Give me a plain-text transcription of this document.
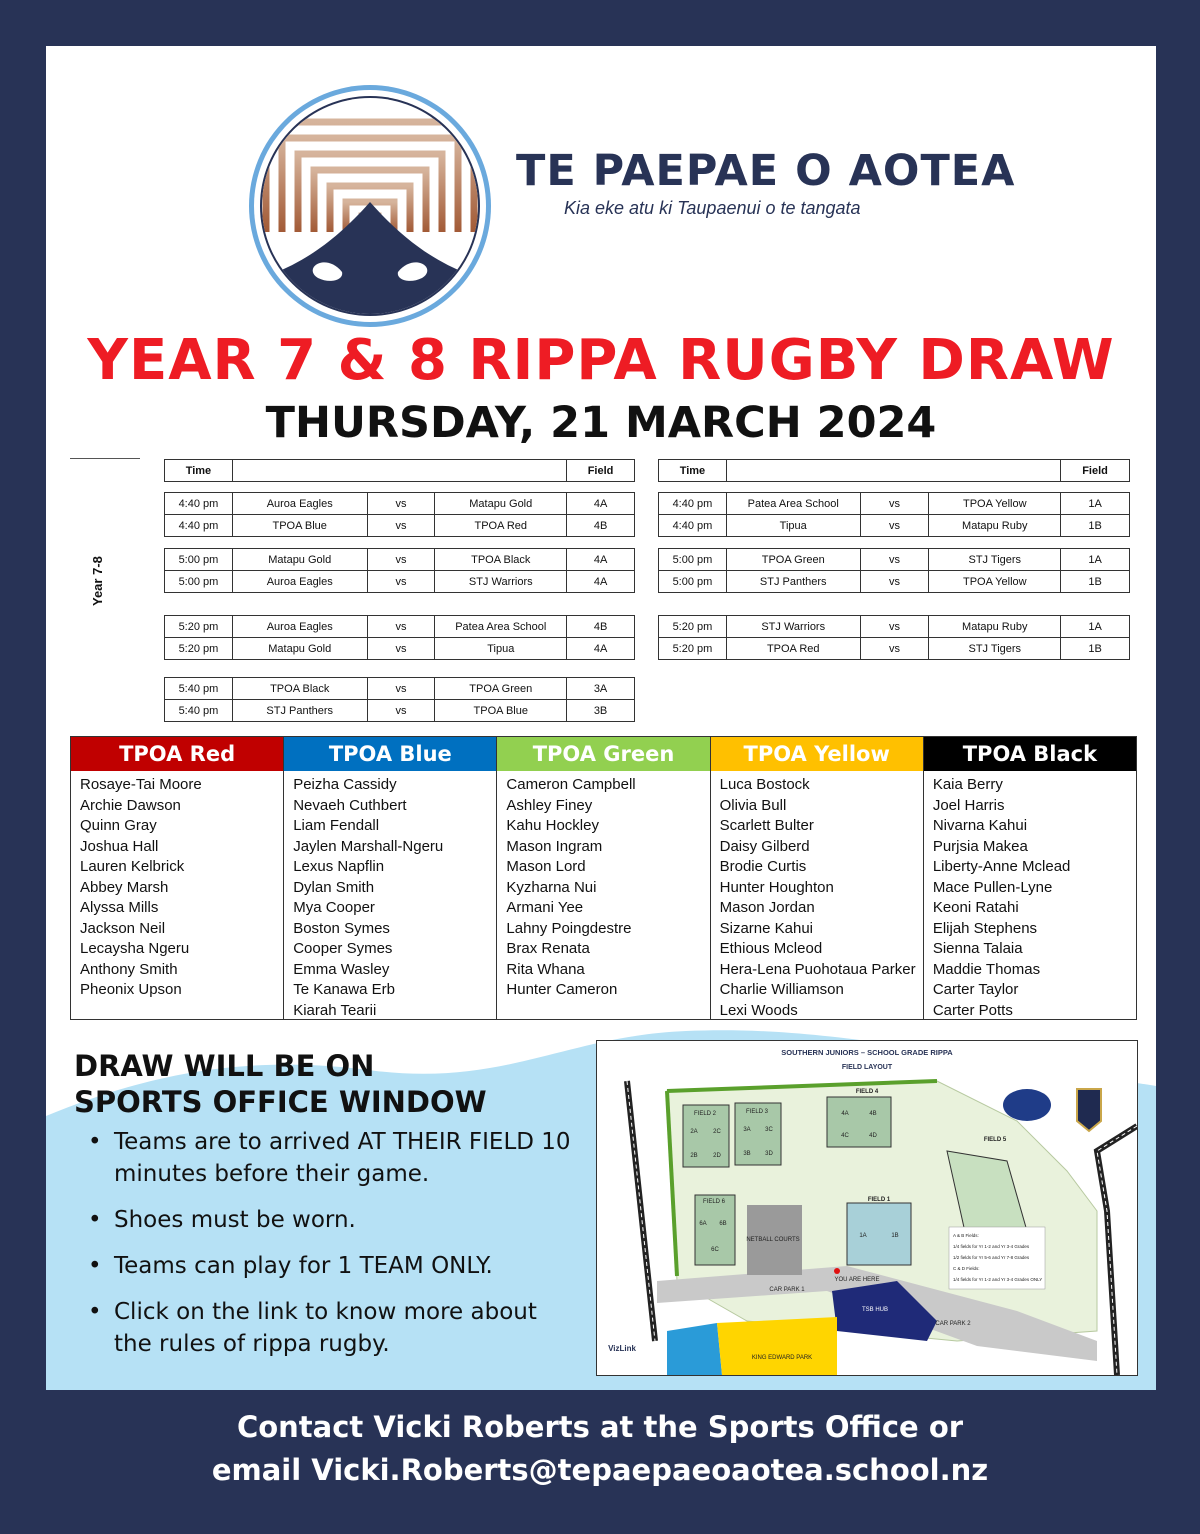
TE PAEPAE O AOTEA
Kia eke atu ki Taupaenui o te tangata
YEAR 7 & 8 RIPPA RUGBY DRAW
THURSDAY, 21 MARCH 2024
Year 7-8
Time		Field	Time		Field
4:40 pm	Auroa Eagles	vs	Matapu Gold	4A
4:40 pm	TPOA Blue	vs	TPOA Red	4B
5:00 pm	Matapu Gold	vs	TPOA Black	4A
5:00 pm	Auroa Eagles	vs	STJ Warriors	4A
5:20 pm	Auroa Eagles	vs	Patea Area School	4B
5:20 pm	Matapu Gold	vs	Tipua	4A
5:40 pm	TPOA Black	vs	TPOA Green	3A
5:40 pm	STJ Panthers	vs	TPOA Blue	3B
4:40 pm	Patea Area School	vs	TPOA Yellow	1A
4:40 pm	Tipua	vs	Matapu Ruby	1B
5:00 pm	TPOA Green	vs	STJ Tigers	1A
5:00 pm	STJ Panthers	vs	TPOA Yellow	1B
5:20 pm	STJ Warriors	vs	Matapu Ruby	1A
5:20 pm	TPOA Red	vs	STJ Tigers	1B
TPOA Red
Rosaye-Tai Moore
Archie Dawson
Quinn Gray
Joshua Hall
Lauren Kelbrick
Abbey Marsh
Alyssa Mills
Jackson Neil
Lecaysha Ngeru
Anthony Smith
Pheonix Upson
TPOA Blue
Peizha Cassidy
Nevaeh Cuthbert
Liam Fendall
Jaylen Marshall-Ngeru
Lexus Napflin
Dylan Smith
Mya Cooper
Boston Symes
Cooper Symes
Emma Wasley
Te Kanawa Erb
Kiarah Tearii
TPOA Green
Cameron Campbell
Ashley Finey
Kahu Hockley
Mason Ingram
Mason Lord
Kyzharna Nui
Armani Yee
Lahny Poingdestre
Brax Renata
Rita Whana
Hunter Cameron
TPOA Yellow
Luca Bostock
Olivia Bull
Scarlett Bulter
Daisy Gilberd
Brodie Curtis
Hunter Houghton
Mason Jordan
Sizarne Kahui
Ethious Mcleod
Hera-Lena Puohotaua Parker
Charlie Williamson
Lexi Woods
TPOA Black
Kaia Berry
Joel Harris
Nivarna Kahui
Purjsia Makea
Liberty-Anne Mclead
Mace Pullen-Lyne
Keoni Ratahi
Elijah Stephens
Sienna Talaia
Maddie Thomas
Carter Taylor
Carter Potts
DRAW WILL BE ON
SPORTS OFFICE WINDOW
• Teams are to arrived AT THEIR FIELD 10 minutes before their game.
• Shoes must be worn.
• Teams can play for 1 TEAM ONLY.
• Click on the link to know more about the rules of rippa rugby.
SOUTHERN JUNIORS – SCHOOL GRADE RIPPA
FIELD LAYOUT
FIELD 4
FIELD 1
FIELD 5
FIELD 2	FIELD 3
FIELD 6
NETBALL COURTS
YOU ARE HERE
CAR PARK 1
CAR PARK 2
TSB HUB
KING EDWARD PARK
VizLink
2A	2C
2B	2D
3A 3C
3B 3D
4A	4B
4C	4D
1A	1B
6A 6B
6C
A & B Fields:
1/4 fields for Yr 1-2 and Yr 3-4 Grades
1/2 fields for Yr 5-6 and Yr 7-8 Grades
C & D Fields:
1/4 fields for Yr 1-2 and Yr 3-4 Grades ONLY
Contact Vicki Roberts at the Sports Office or
email Vicki.Roberts@tepaepaeoaotea.school.nz
